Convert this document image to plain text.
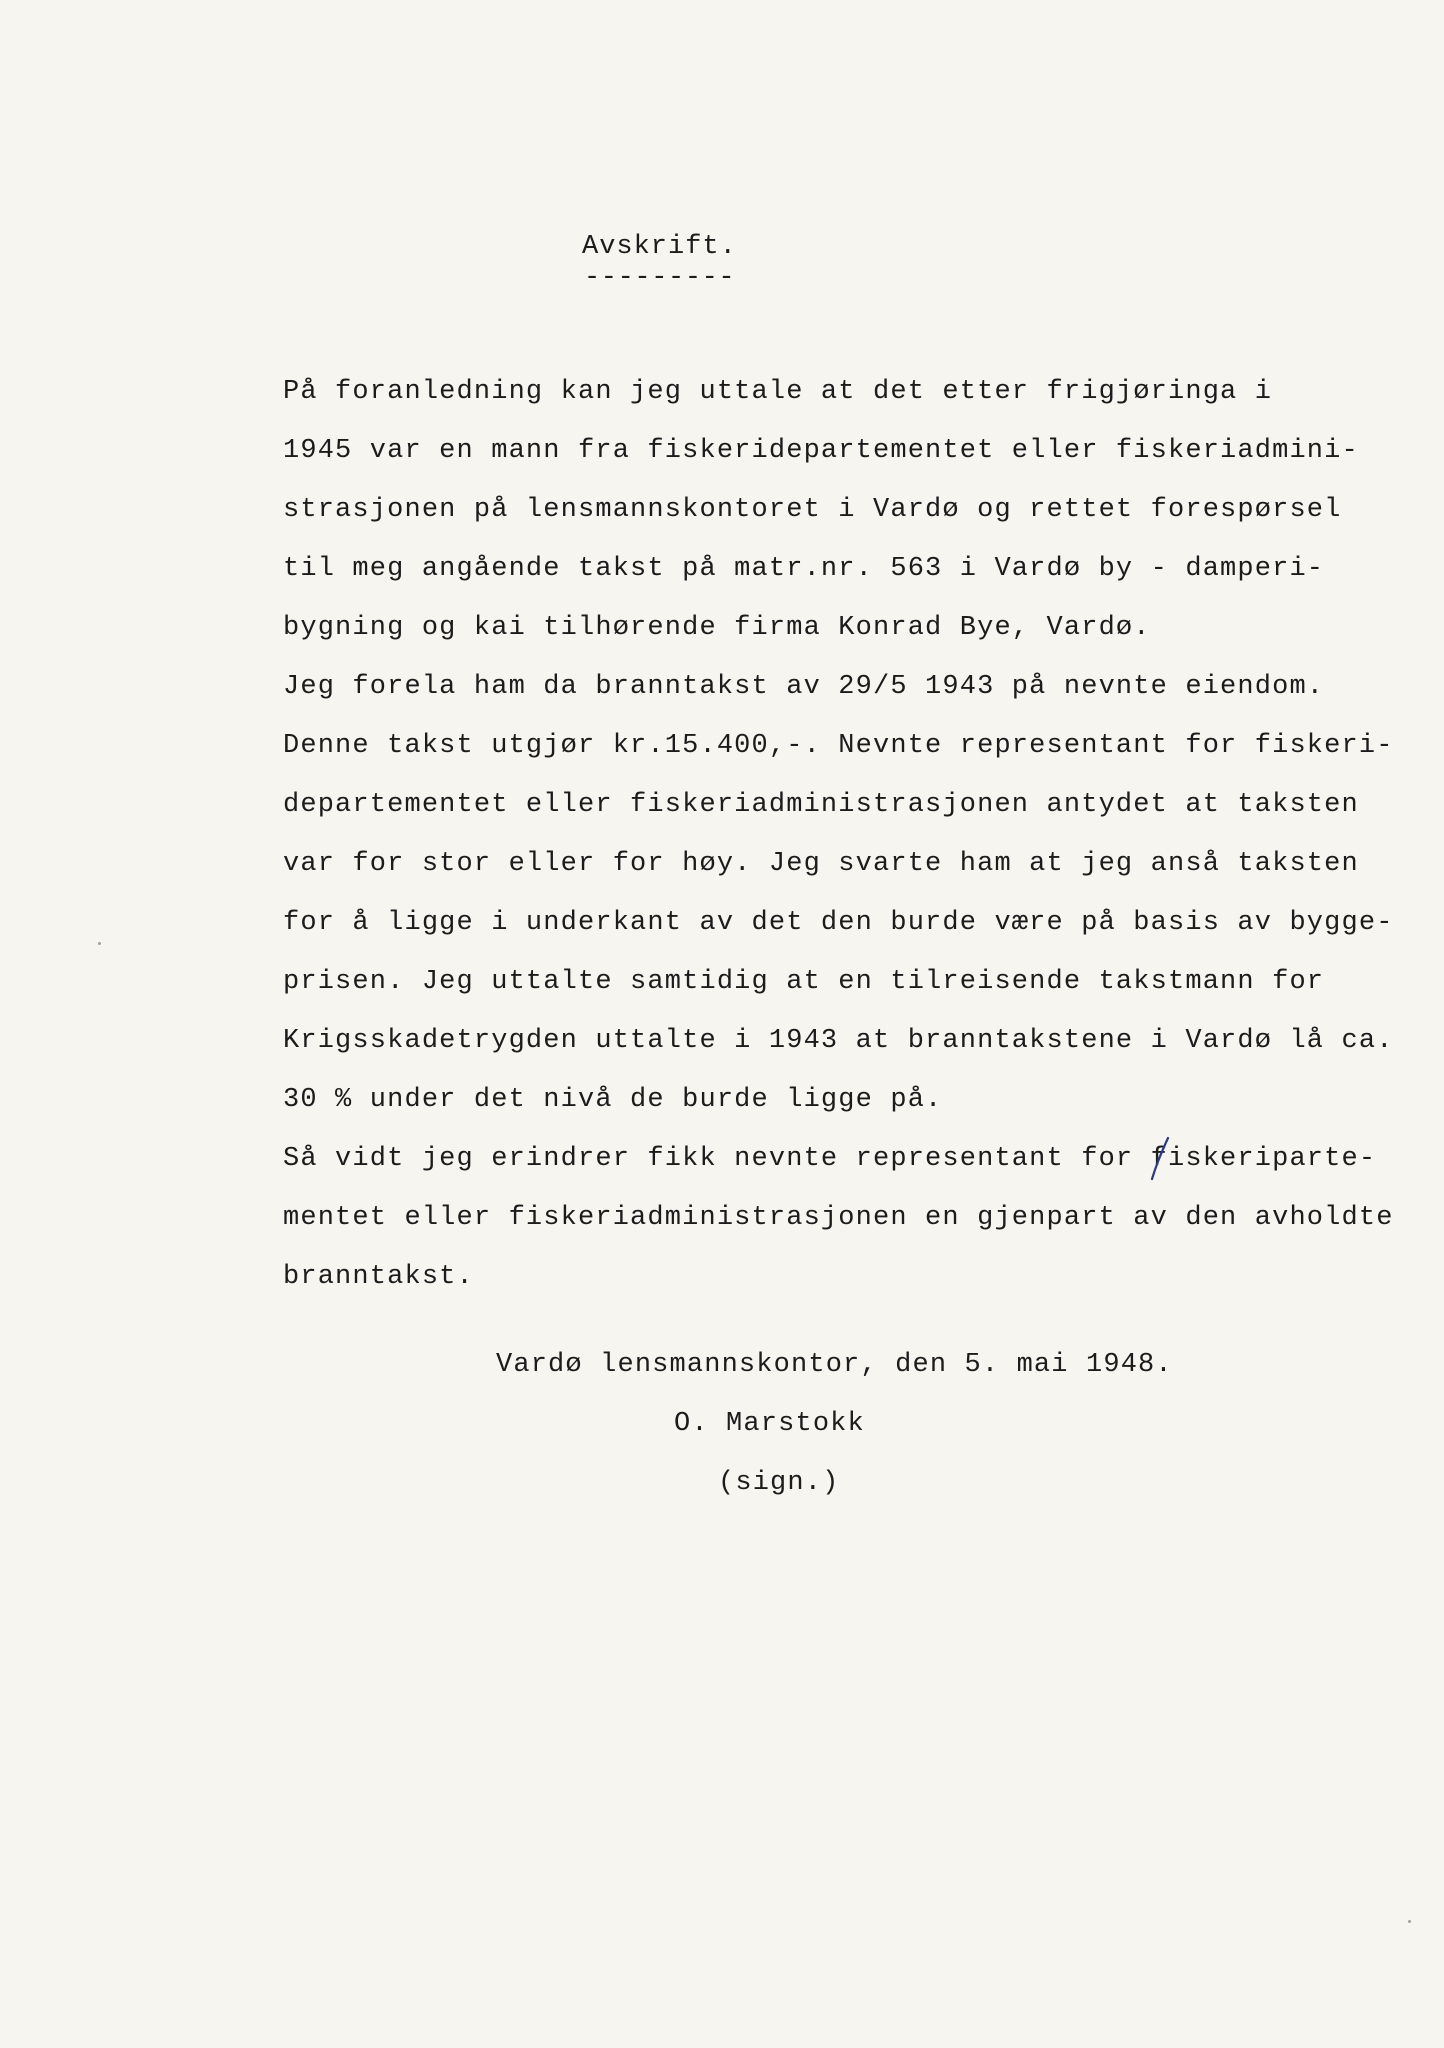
Avskrift.
---------
På foranledning kan jeg uttale at det etter frigjøringa i
1945 var en mann fra fiskeridepartementet eller fiskeriadmini-
strasjonen på lensmannskontoret i Vardø og rettet forespørsel
til meg angående takst på matr.nr. 563 i Vardø by - damperi-
bygning og kai tilhørende firma Konrad Bye, Vardø.
Jeg forela ham da branntakst av 29/5 1943 på nevnte eiendom.
Denne takst utgjør kr.15.400,-. Nevnte representant for fiskeri-
departementet eller fiskeriadministrasjonen antydet at taksten
var for stor eller for høy. Jeg svarte ham at jeg anså taksten
for å ligge i underkant av det den burde være på basis av bygge-
prisen. Jeg uttalte samtidig at en tilreisende takstmann for
Krigsskadetrygden uttalte i 1943 at branntakstene i Vardø lå ca.
30 % under det nivå de burde ligge på.
Så vidt jeg erindrer fikk nevnte representant for fiskeriparte-
mentet eller fiskeriadministrasjonen en gjenpart av den avholdte
branntakst.
Vardø lensmannskontor, den 5. mai 1948.
O. Marstokk
(sign.)
